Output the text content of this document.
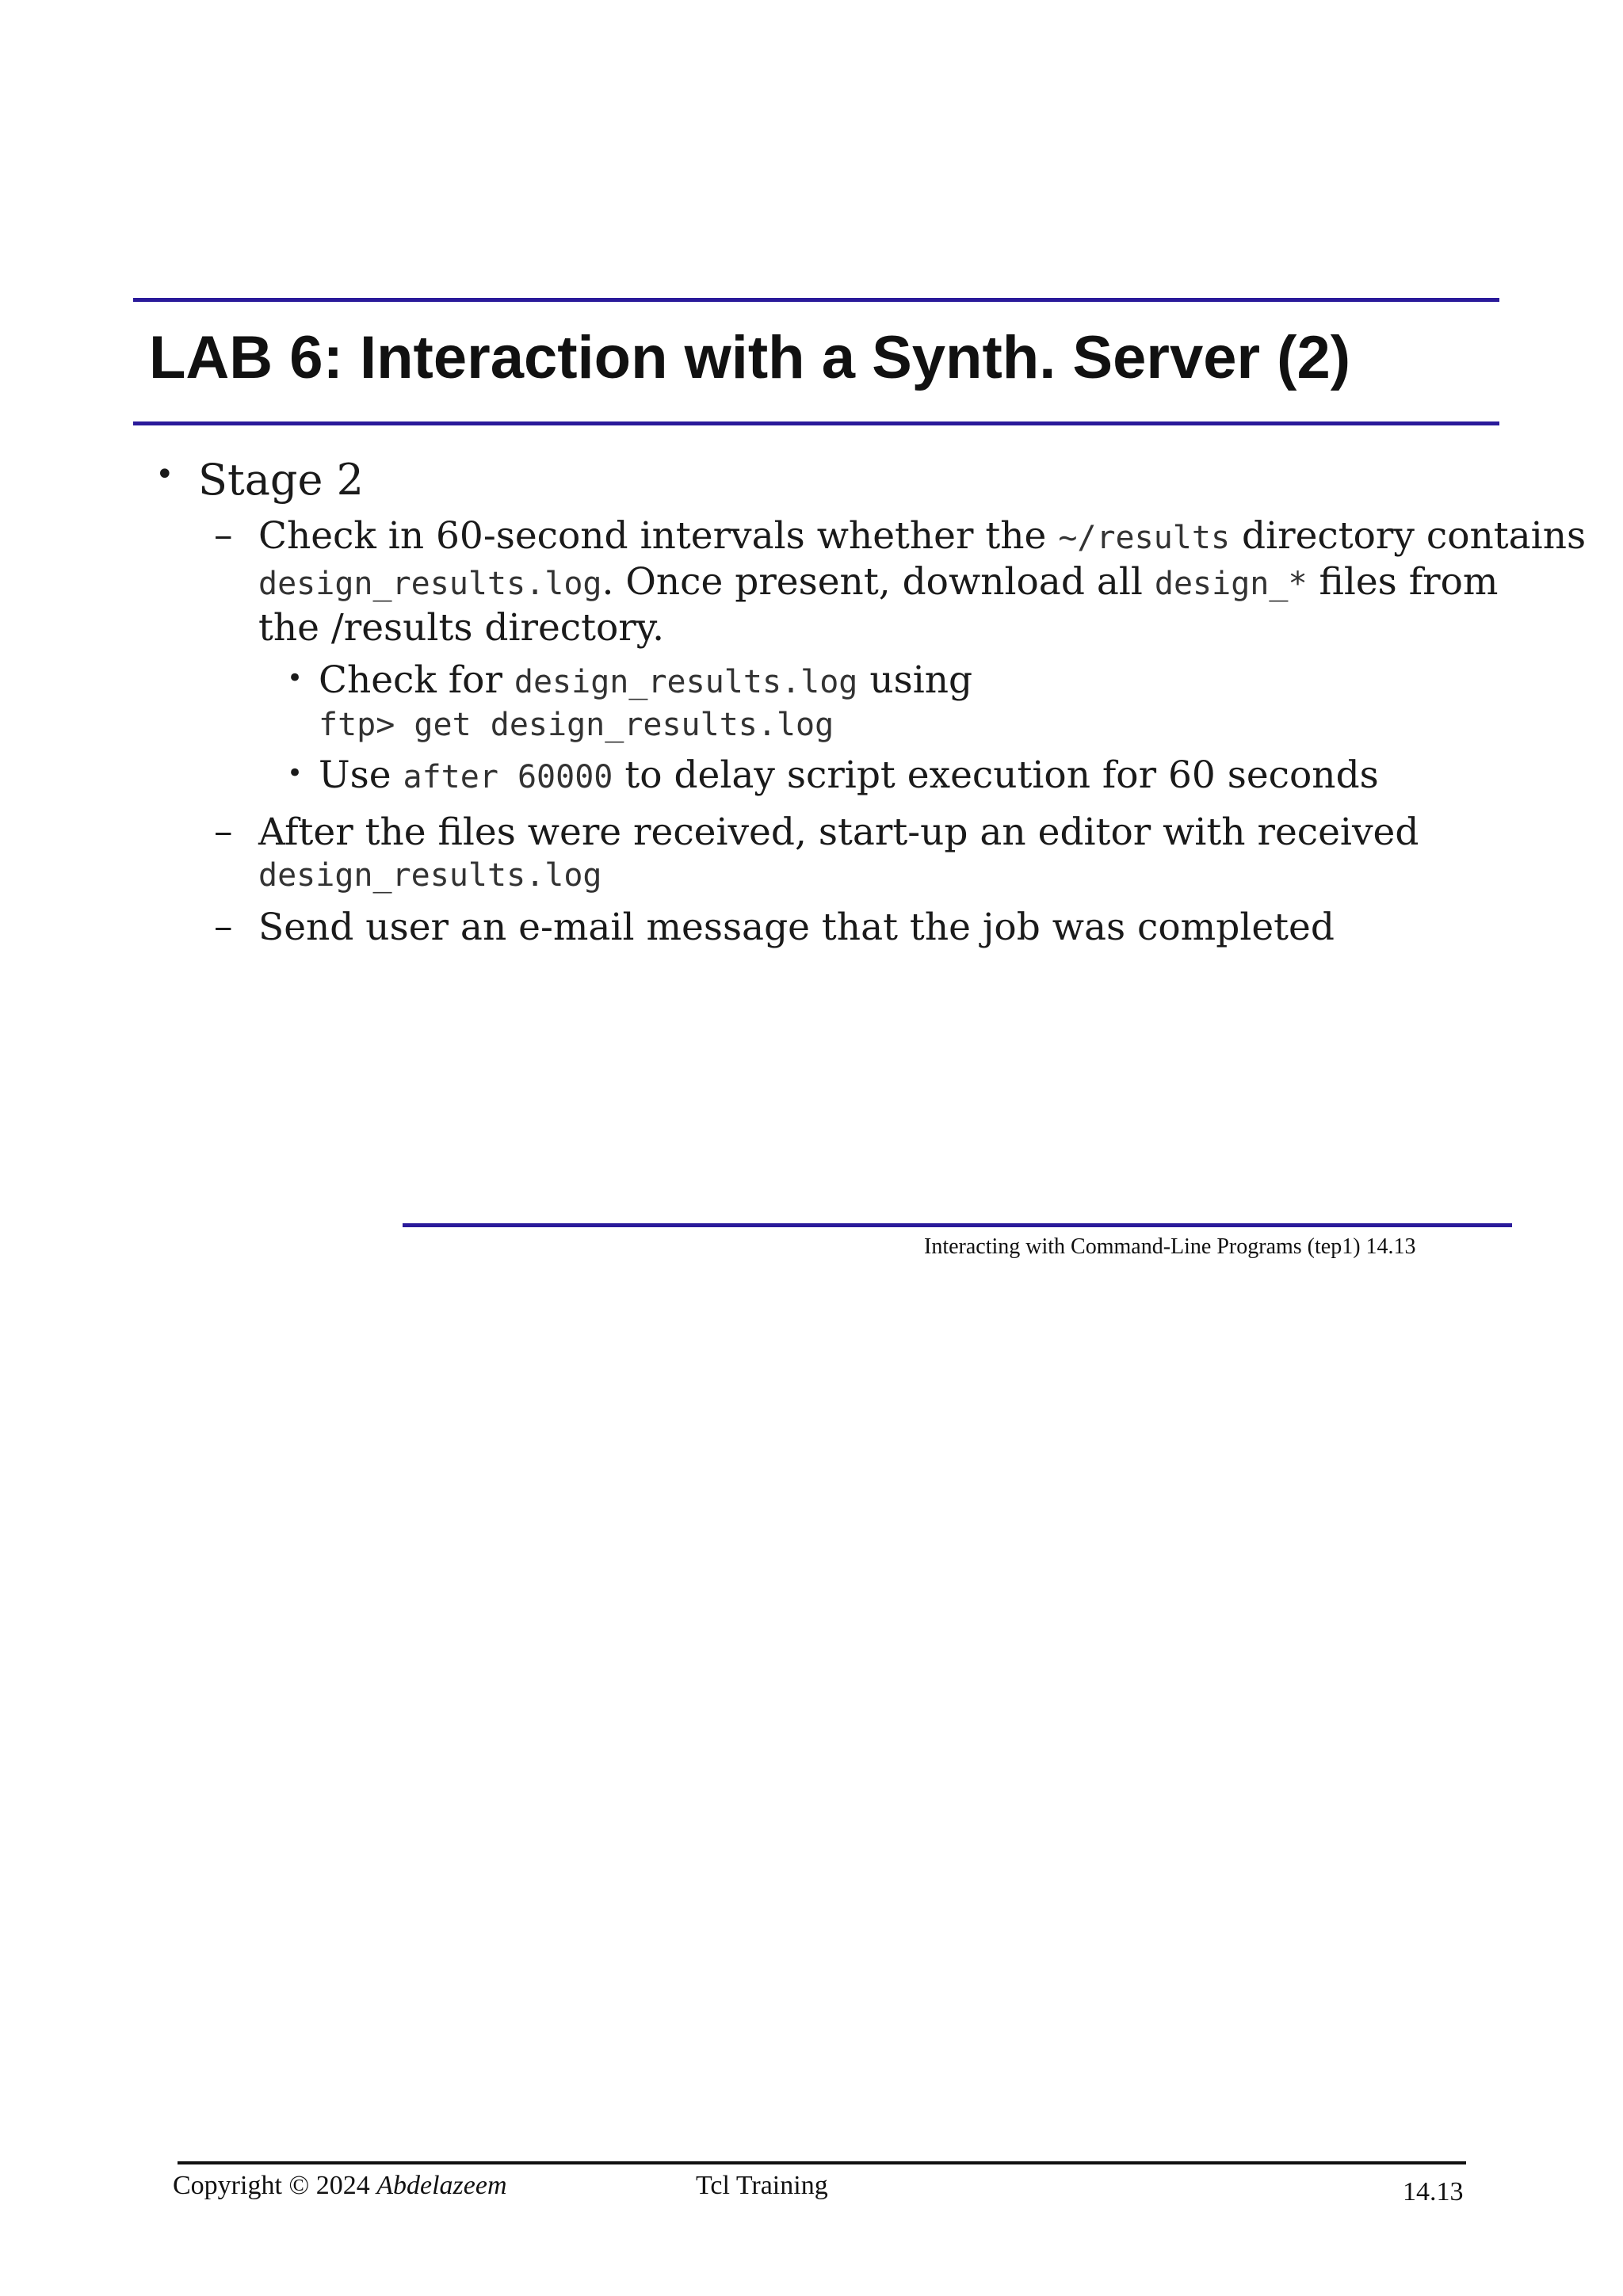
LAB 6: Interaction with a Synth. Server (2)
• Stage 2
– Check in 60-second intervals whether the ~/results directory contains
design_results.log. Once present, download all design_* files from
the /results directory.
• Check for design_results.log using
ftp> get design_results.log
• Use after 60000 to delay script execution for 60 seconds
– After the files were received, start-up an editor with received
design_results.log
– Send user an e-mail message that the job was completed
Interacting with Command-Line Programs (tep1) 14.13
Copyright © 2024 Abdelazeem	Tcl Training	14.13
